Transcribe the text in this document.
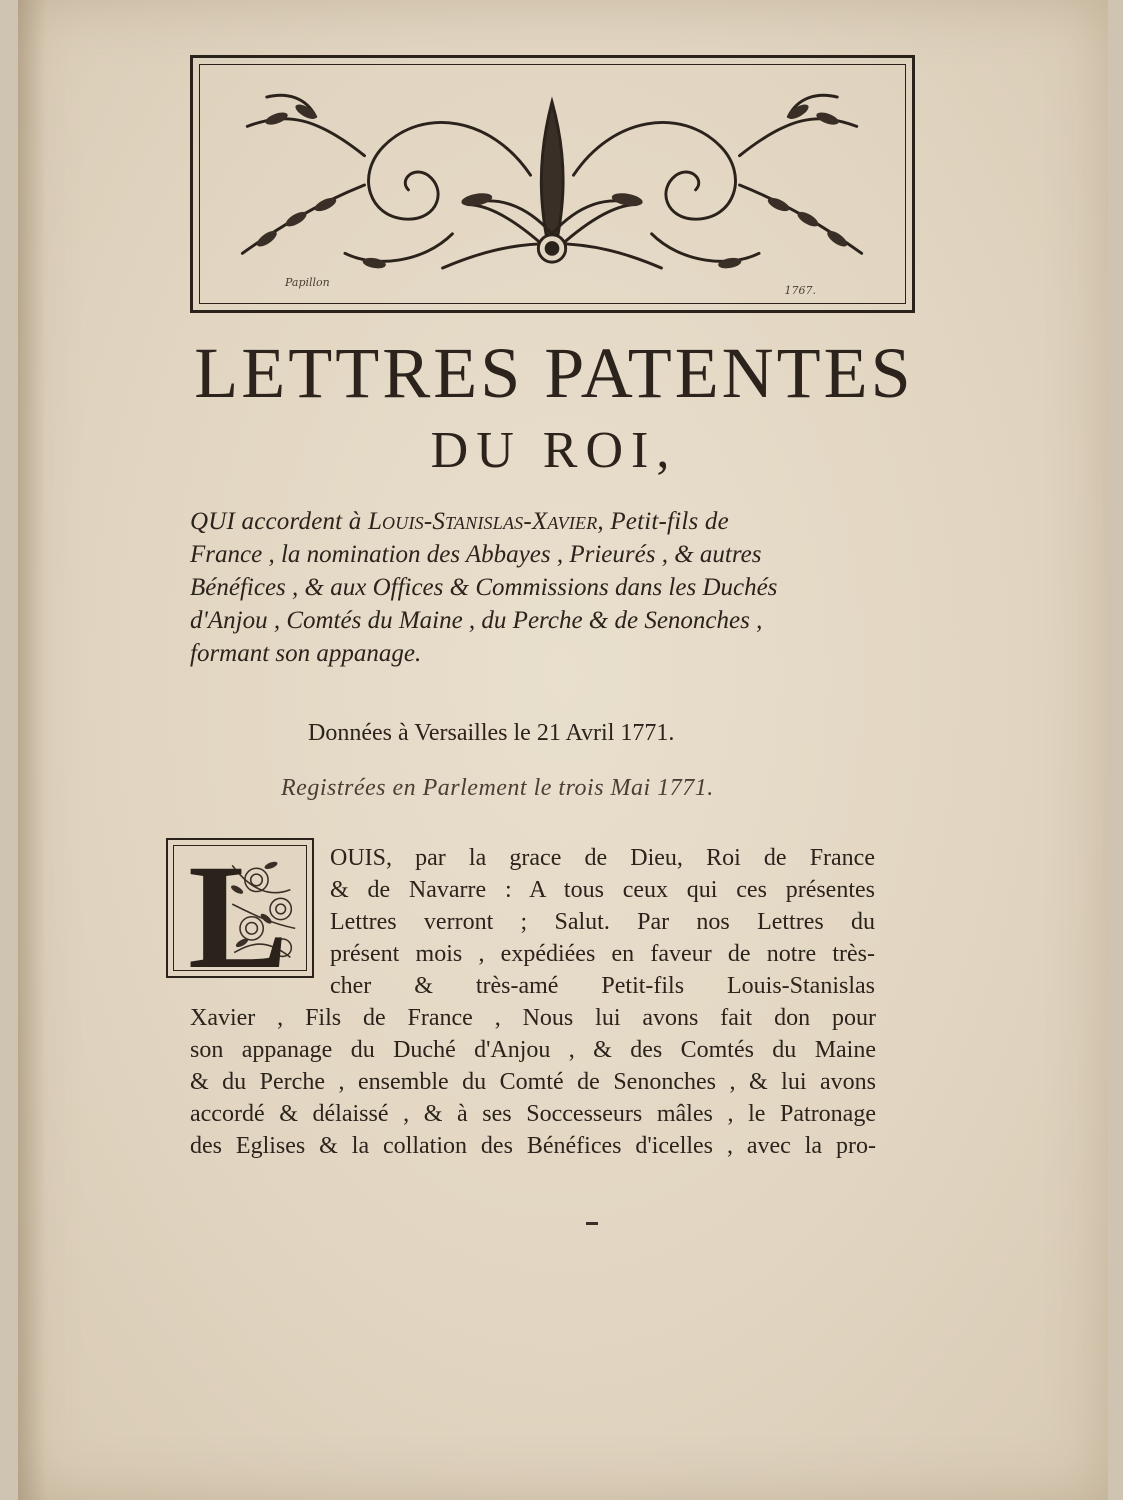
Papillon
1767.
LETTRES PATENTES
DU ROI,
QUI accordent à Louis-Stanislas-Xavier, Petit-fils de
France , la nomination des Abbayes , Prieurés , & autres
Bénéfices , & aux Offices & Commissions dans les Duchés
d'Anjou , Comtés du Maine , du Perche & de Senonches ,
formant son appanage.
Données à Versailles le 21 Avril 1771.
Registrées en Parlement le trois Mai 1771.
L OUIS, par la grace de Dieu, Roi de France
& de Navarre : A tous ceux qui ces présentes
Lettres verront ; Salut. Par nos Lettres du
présent mois , expédiées en faveur de notre très-
cher & très-amé Petit-fils Louis-Stanislas
Xavier , Fils de France , Nous lui avons fait don pour
son appanage du Duché d'Anjou , & des Comtés du Maine
& du Perche , ensemble du Comté de Senonches , & lui avons
accordé & délaissé , & à ses Soccesseurs mâles , le Patronage
des Eglises & la collation des Bénéfices d'icelles , avec la pro-
